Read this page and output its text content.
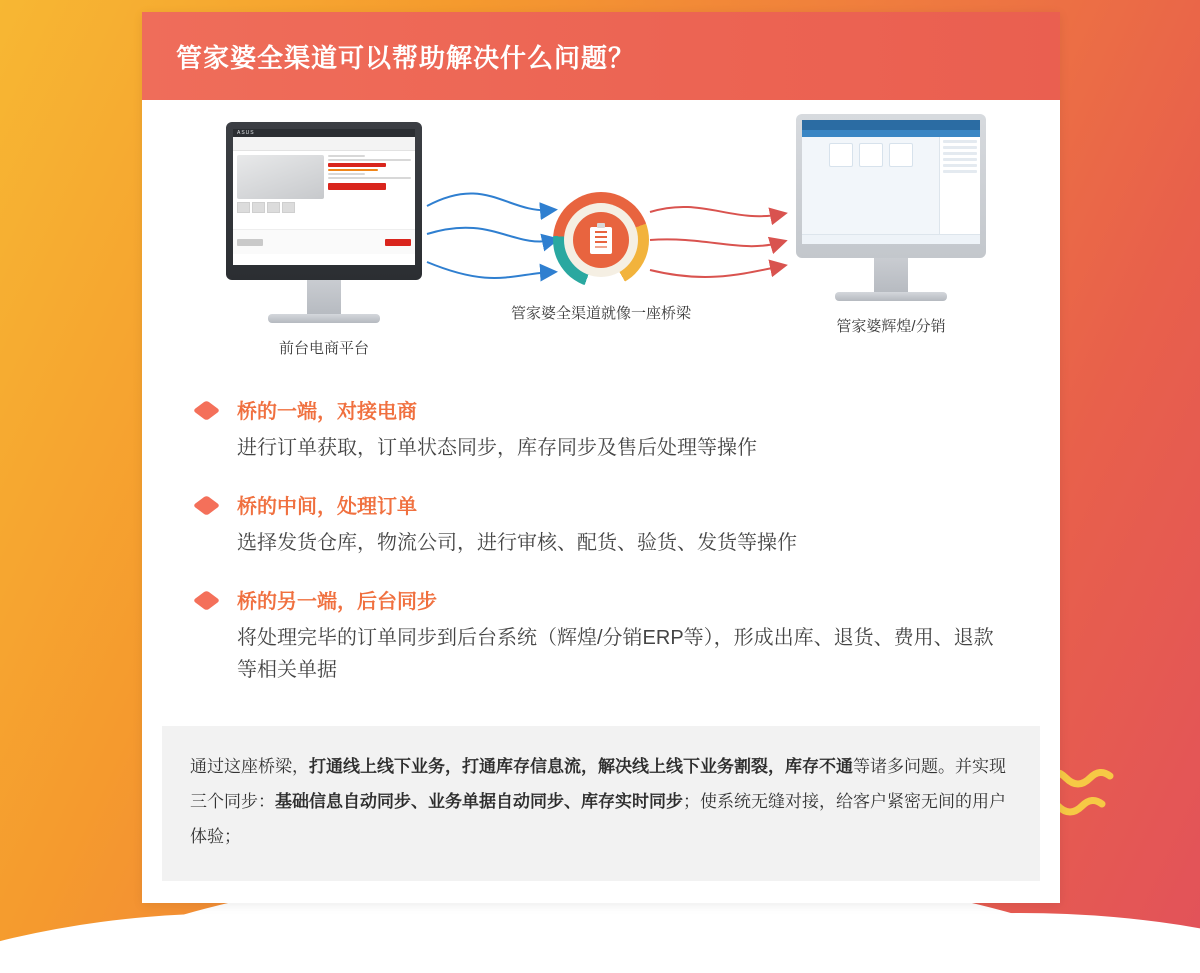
管家婆全渠道可以帮助解决什么问题？
ASUS
前台电商平台
管家婆全渠道就像一座桥梁
管家婆辉煌/分销
桥的一端，对接电商
进行订单获取，订单状态同步，库存同步及售后处理等操作
桥的中间，处理订单
选择发货仓库，物流公司，进行审核、配货、验货、发货等操作
桥的另一端，后台同步
将处理完毕的订单同步到后台系统（辉煌/分销ERP等），形成出库、退货、费用、退款等相关单据
通过这座桥梁，打通线上线下业务，打通库存信息流，解决线上线下业务割裂，库存不通等诸多问题。并实现三个同步：基础信息自动同步、业务单据自动同步、库存实时同步；使系统无缝对接，给客户紧密无间的用户体验；
